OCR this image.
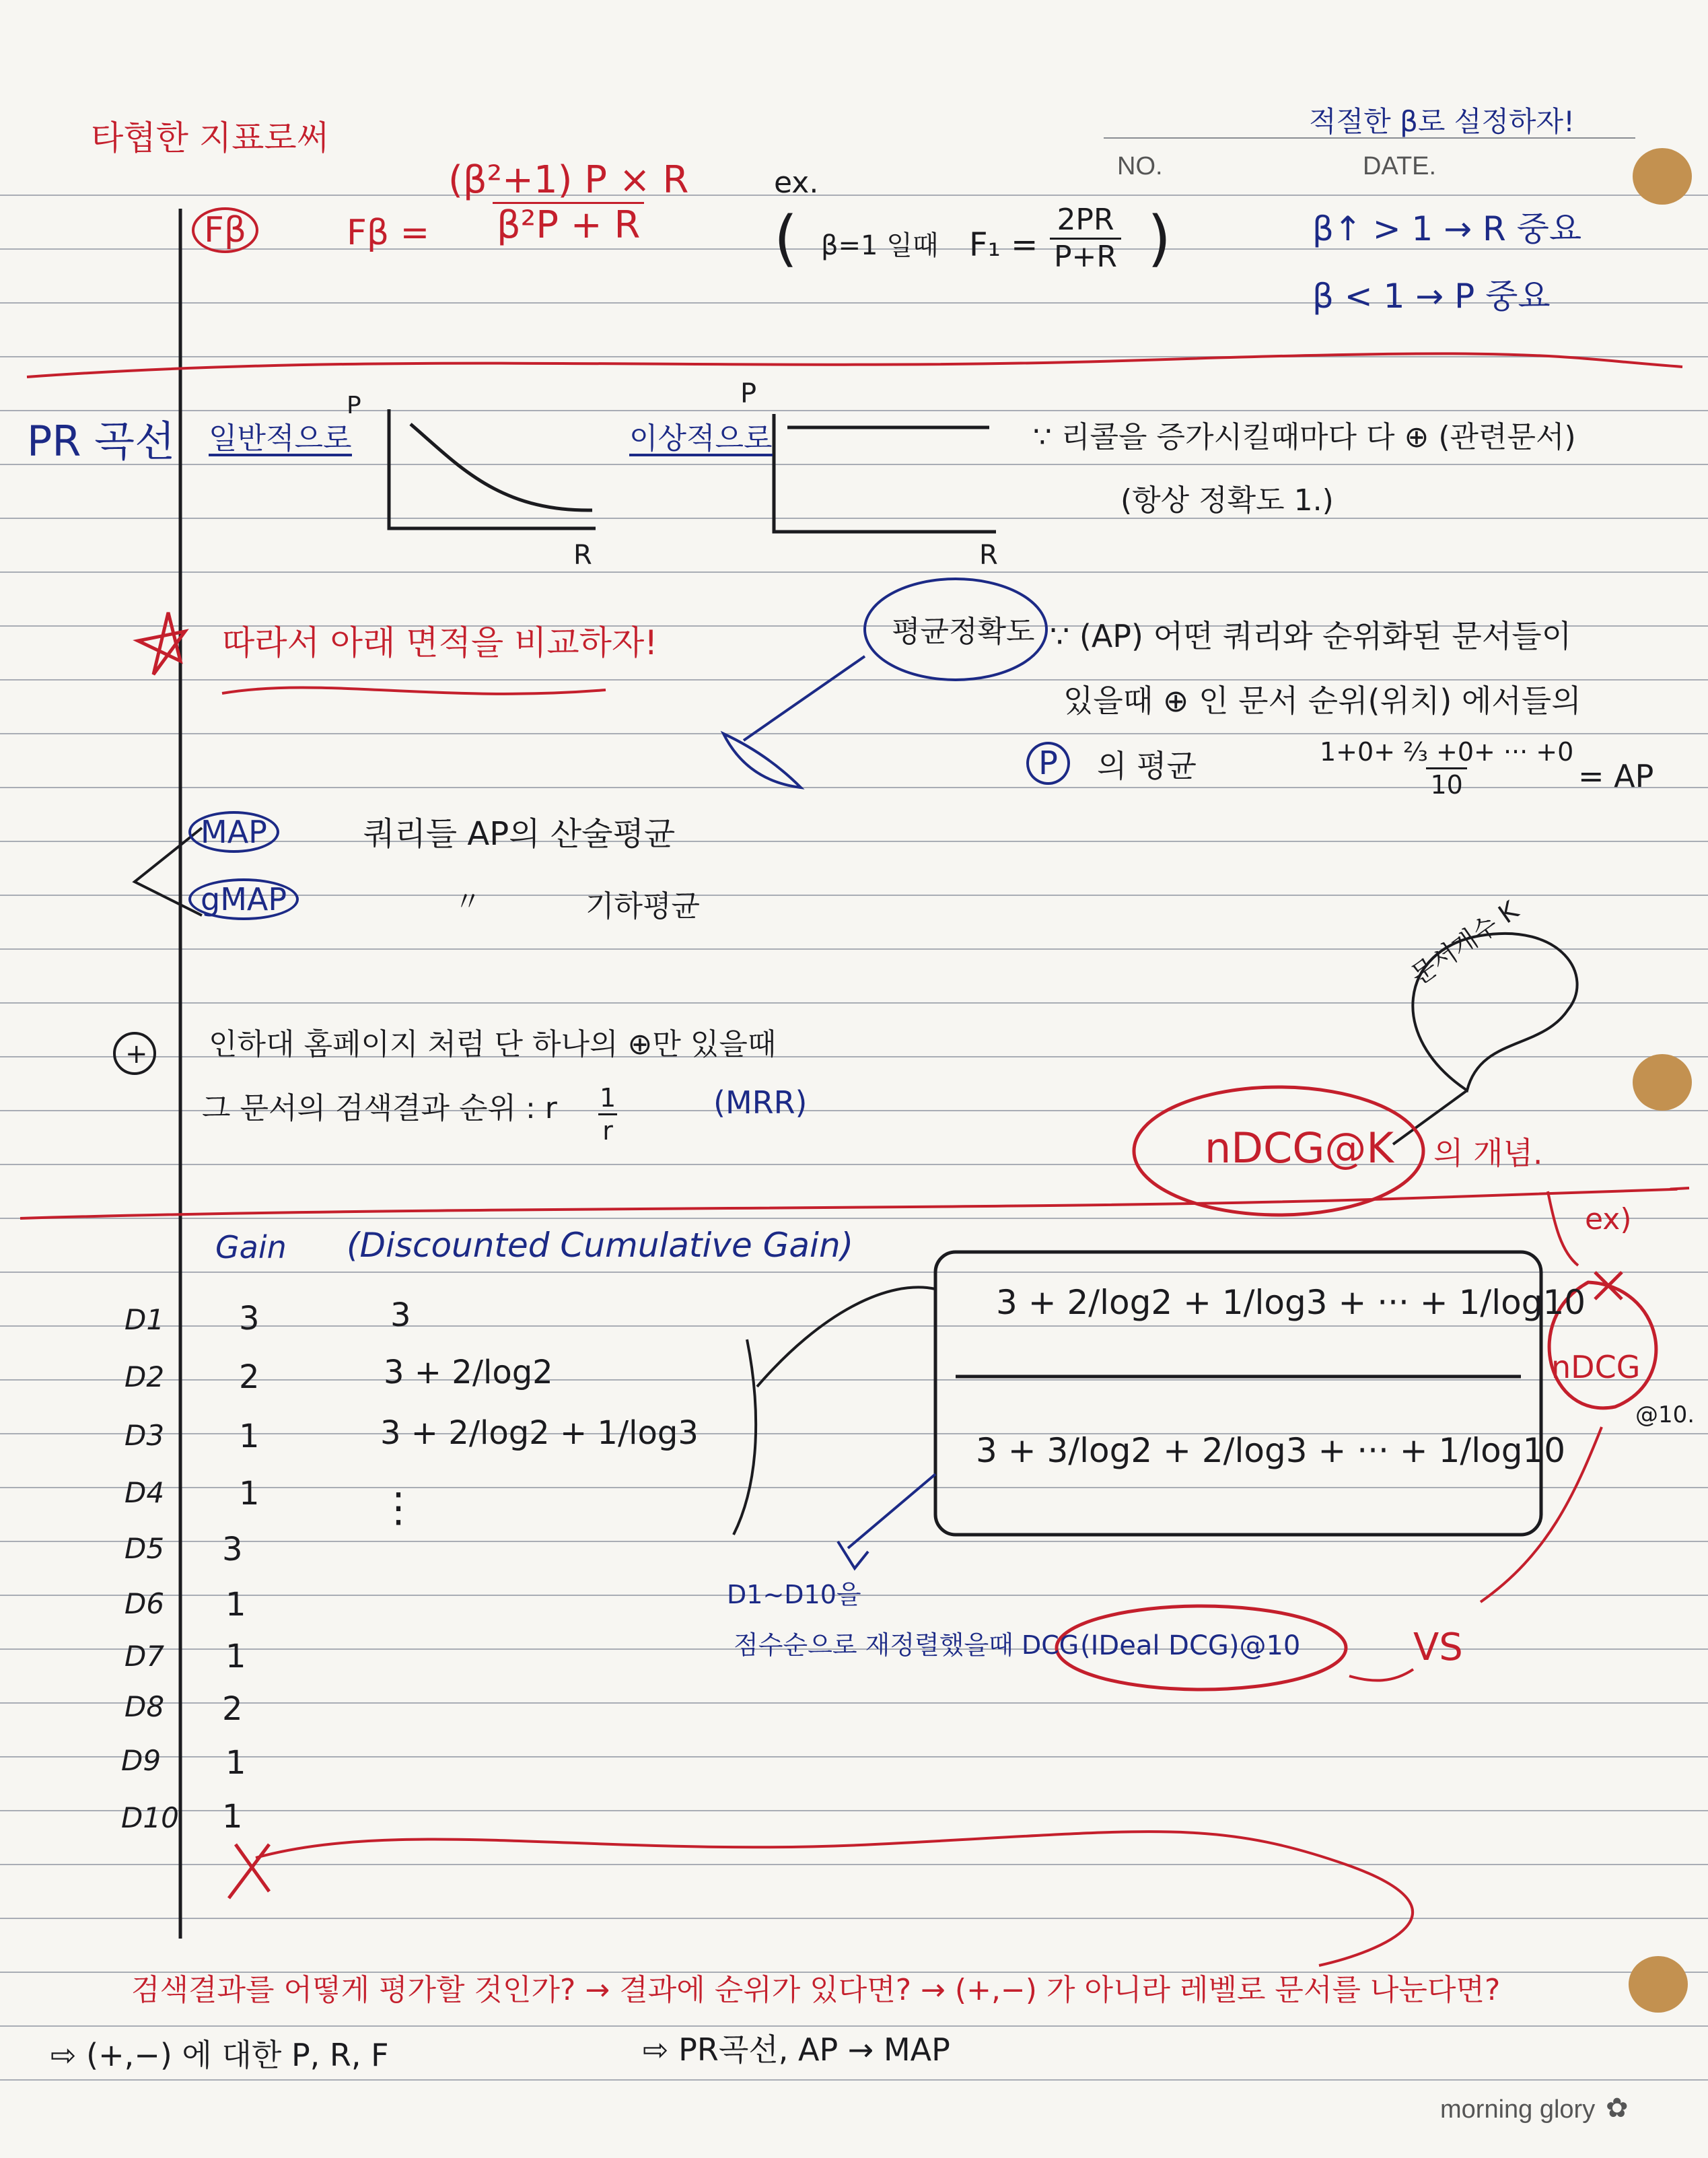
NO.	DATE.
타협한 지표로써	적절한 β로 설정하자!
Fβ	$F\beta = \frac{\text{(β²+1) P × R}}{\text{β²P + R}}$	ex.
( β=1 일때 $F_1 = \frac{2PR}{P+R}$ )	β↑ > 1 → R 중요
β < 1 → P 중요
PR 곡선 일반적으로
P
R
이상적으로
P
R
∵ 리콜을 증가시킬때마다 다 ⊕ (관련문서)
(항상 정확도 1.)
따라서 아래 면적을 비교하자!	평균정확도 ∵ (AP) 어떤 쿼리와 순위화된 문서들이
있을때 ⊕ 인 문서 순위(위치) 에서들의
P	의 평균	$\frac{\text{1+0+ ⅔ +0+ ··· +0}}{10}$ = AP
MAP	쿼리들 AP의 산술평균
gMAP	〃	기하평균
+ 인하대 홈페이지 처럼 단 하나의 ⊕만 있을때
그 문서의 검색결과 순위 : r $\frac{1}{r}$	(MRR)
문서개수 K
nDCG@K 의 개념.
ex)
nDCG
@10.
3 + 2/log2 + 1/log3 + ··· + 1/log10
3 + 3/log2 + 2/log3 + ··· + 1/log10
D1~D10을
점수순으로 재정렬했을때 DCG (IDeal DCG)@10	VS
Gain (Discounted Cumulative Gain)
D1 3	3
D2 2	3 + 2/log2
D3 1	3 + 2/log2 + 1/log3
D4 1	⋮
D5 3
D6 1
D7 1
D8 2
D9 1
D10 1
검색결과를 어떻게 평가할 것인가? → 결과에 순위가 있다면? → (+,−) 가 아니라 레벨로 문서를 나눈다면?
⇨ (+,−) 에 대한 P, R, F	⇨ PR곡선, AP → MAP
morning glory ✿
